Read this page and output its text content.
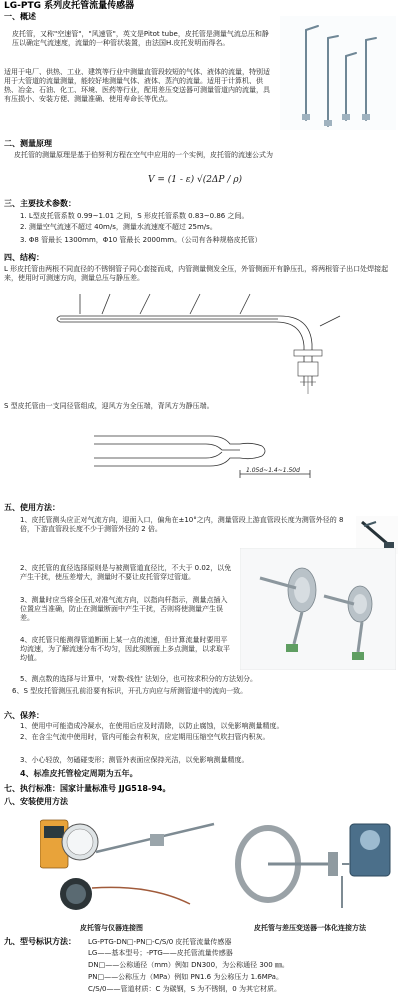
LG-PTG 系列皮托管流量传感器
一、概述
皮托管，又称"空速管"，"风速管"，英文是Pitot tube，皮托管是测量气流总压和静压以确定气流速度，流量的一种管状装置，由法国H.皮托发明而得名。
适用于电厂、供热、工业、建筑等行业中测量直管段较短的气体、液体的流量，特别适用于大管道的流量测量，能较好地测量气体、液体、蒸汽的流量。适用于计算机、供热、冶金、石油、化工、环境、医药等行业，配用差压变送器可测量管道内的流量，具有压损小、安装方便、测量准确、使用寿命长等优点。
二、测量原理
皮托管的测量原理是基于伯努利方程在空气中应用的一个实例，皮托管的流速公式为
V = (1 - ε) √(2ΔP / ρ)
三、主要技术参数：
1. L型皮托管系数 0.99~1.01 之间，S 形皮托管系数 0.83~0.86 之间。
2. 测量空气流速不超过 40m/s，测量水流速度不超过 25m/s。
3. Φ8 管最长 1300mm，Φ10 管最长 2000mm。（公司有各种规格皮托管）
四、结构：
L 形皮托管由两根不同直径的不锈钢管子同心套接而成，内管测量侧发全压，外管侧面开有静压孔，将两根管子出口处焊接起来，使用时可测速方向，测量总压与静压差。
S 型皮托管由一支同径管组成，迎风方为全压端，背风方为静压端。
1.05d~1.4~1.50d
五、使用方法：
1、皮托管测头应正对气流方向，迎面入口，偏角在±10°之内，测量管段上游直管段长度为测管外径的 8 倍，下游直管段长度不少于测管外径的 2 倍。
2、皮托管的直径选择原则是与被测管道直径比，不大于 0.02，以免产生干扰，使压差增大，测量时不要让皮托管穿过管道。
3、测量时应当将全压孔对准气流方向，以指向杆指示，测量点插入位置应当准确，防止在测量断面中产生干扰，否则将使测量产生误差。
4、皮托管只能测得管道断面上某一点的流速，但计算流量时要用平均流速，为了解流速分布不均匀，因此须断面上多点测量，以求取平均值。
5、测点数的选择与计算中，'对数-线性' 法划分，也可按求积分的方法划分。
6、S 型皮托管测压孔前沿要有标识，开孔方向应与所测管道中的流向一致。
六、保养：
1、使用中可能造成冷凝水，在使用后应及时清除，以防止腐蚀，以免影响测量精度。
2、在含尘气流中使用时，管内可能会有积灰，应定期用压缩空气吹扫管内积灰。
3、小心轻放，勿磕碰变形；测管外表面应保持光洁，以免影响测量精度。
4、标准皮托管检定周期为五年。
七、执行标准：国家计量标准号 JJG518-94。
八、安装使用方法
皮托管与仪器连接图	皮托管与差压变送器一体化连接方法
九、型号标识方法： LG-PTG-DN□-PN□-C/S/0 皮托管流量传感器
LG——基本型号；-PTG——皮托管流量传感器
DN□——公称通径（mm）例如 DN300，为公称通径 300 ㎜。
PN□——公称压力（MPa）例如 PN1.6 为公称压力 1.6MPa。
C/S/0——管道材质：C 为碳钢，S 为不锈钢，0 为其它材质。
